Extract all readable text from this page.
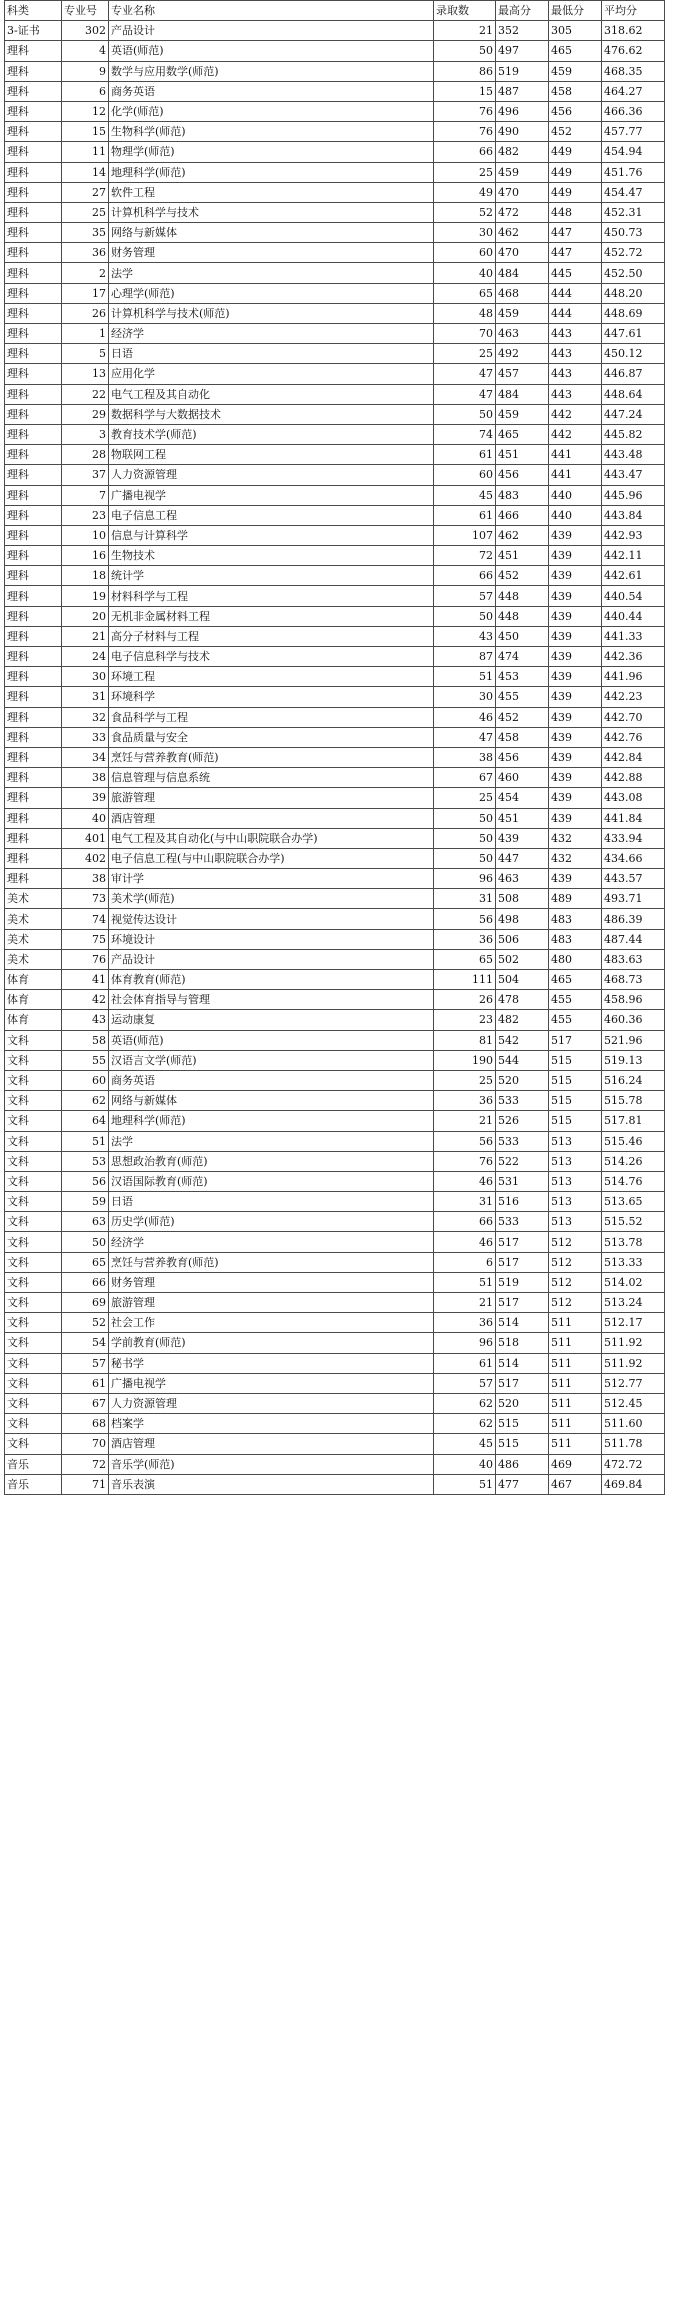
科类	专业号	专业名称	录取数	最高分	最低分	平均分
3-证书	302	产品设计	21	352	305	318.62
理科	4	英语(师范)	50	497	465	476.62
理科	9	数学与应用数学(师范)	86	519	459	468.35
理科	6	商务英语	15	487	458	464.27
理科	12	化学(师范)	76	496	456	466.36
理科	15	生物科学(师范)	76	490	452	457.77
理科	11	物理学(师范)	66	482	449	454.94
理科	14	地理科学(师范)	25	459	449	451.76
理科	27	软件工程	49	470	449	454.47
理科	25	计算机科学与技术	52	472	448	452.31
理科	35	网络与新媒体	30	462	447	450.73
理科	36	财务管理	60	470	447	452.72
理科	2	法学	40	484	445	452.50
理科	17	心理学(师范)	65	468	444	448.20
理科	26	计算机科学与技术(师范)	48	459	444	448.69
理科	1	经济学	70	463	443	447.61
理科	5	日语	25	492	443	450.12
理科	13	应用化学	47	457	443	446.87
理科	22	电气工程及其自动化	47	484	443	448.64
理科	29	数据科学与大数据技术	50	459	442	447.24
理科	3	教育技术学(师范)	74	465	442	445.82
理科	28	物联网工程	61	451	441	443.48
理科	37	人力资源管理	60	456	441	443.47
理科	7	广播电视学	45	483	440	445.96
理科	23	电子信息工程	61	466	440	443.84
理科	10	信息与计算科学	107	462	439	442.93
理科	16	生物技术	72	451	439	442.11
理科	18	统计学	66	452	439	442.61
理科	19	材料科学与工程	57	448	439	440.54
理科	20	无机非金属材料工程	50	448	439	440.44
理科	21	高分子材料与工程	43	450	439	441.33
理科	24	电子信息科学与技术	87	474	439	442.36
理科	30	环境工程	51	453	439	441.96
理科	31	环境科学	30	455	439	442.23
理科	32	食品科学与工程	46	452	439	442.70
理科	33	食品质量与安全	47	458	439	442.76
理科	34	烹饪与营养教育(师范)	38	456	439	442.84
理科	38	信息管理与信息系统	67	460	439	442.88
理科	39	旅游管理	25	454	439	443.08
理科	40	酒店管理	50	451	439	441.84
理科	401	电气工程及其自动化(与中山职院联合办学)	50	439	432	433.94
理科	402	电子信息工程(与中山职院联合办学)	50	447	432	434.66
理科	38	审计学	96	463	439	443.57
美术	73	美术学(师范)	31	508	489	493.71
美术	74	视觉传达设计	56	498	483	486.39
美术	75	环境设计	36	506	483	487.44
美术	76	产品设计	65	502	480	483.63
体育	41	体育教育(师范)	111	504	465	468.73
体育	42	社会体育指导与管理	26	478	455	458.96
体育	43	运动康复	23	482	455	460.36
文科	58	英语(师范)	81	542	517	521.96
文科	55	汉语言文学(师范)	190	544	515	519.13
文科	60	商务英语	25	520	515	516.24
文科	62	网络与新媒体	36	533	515	515.78
文科	64	地理科学(师范)	21	526	515	517.81
文科	51	法学	56	533	513	515.46
文科	53	思想政治教育(师范)	76	522	513	514.26
文科	56	汉语国际教育(师范)	46	531	513	514.76
文科	59	日语	31	516	513	513.65
文科	63	历史学(师范)	66	533	513	515.52
文科	50	经济学	46	517	512	513.78
文科	65	烹饪与营养教育(师范)	6	517	512	513.33
文科	66	财务管理	51	519	512	514.02
文科	69	旅游管理	21	517	512	513.24
文科	52	社会工作	36	514	511	512.17
文科	54	学前教育(师范)	96	518	511	511.92
文科	57	秘书学	61	514	511	511.92
文科	61	广播电视学	57	517	511	512.77
文科	67	人力资源管理	62	520	511	512.45
文科	68	档案学	62	515	511	511.60
文科	70	酒店管理	45	515	511	511.78
音乐	72	音乐学(师范)	40	486	469	472.72
音乐	71	音乐表演	51	477	467	469.84
